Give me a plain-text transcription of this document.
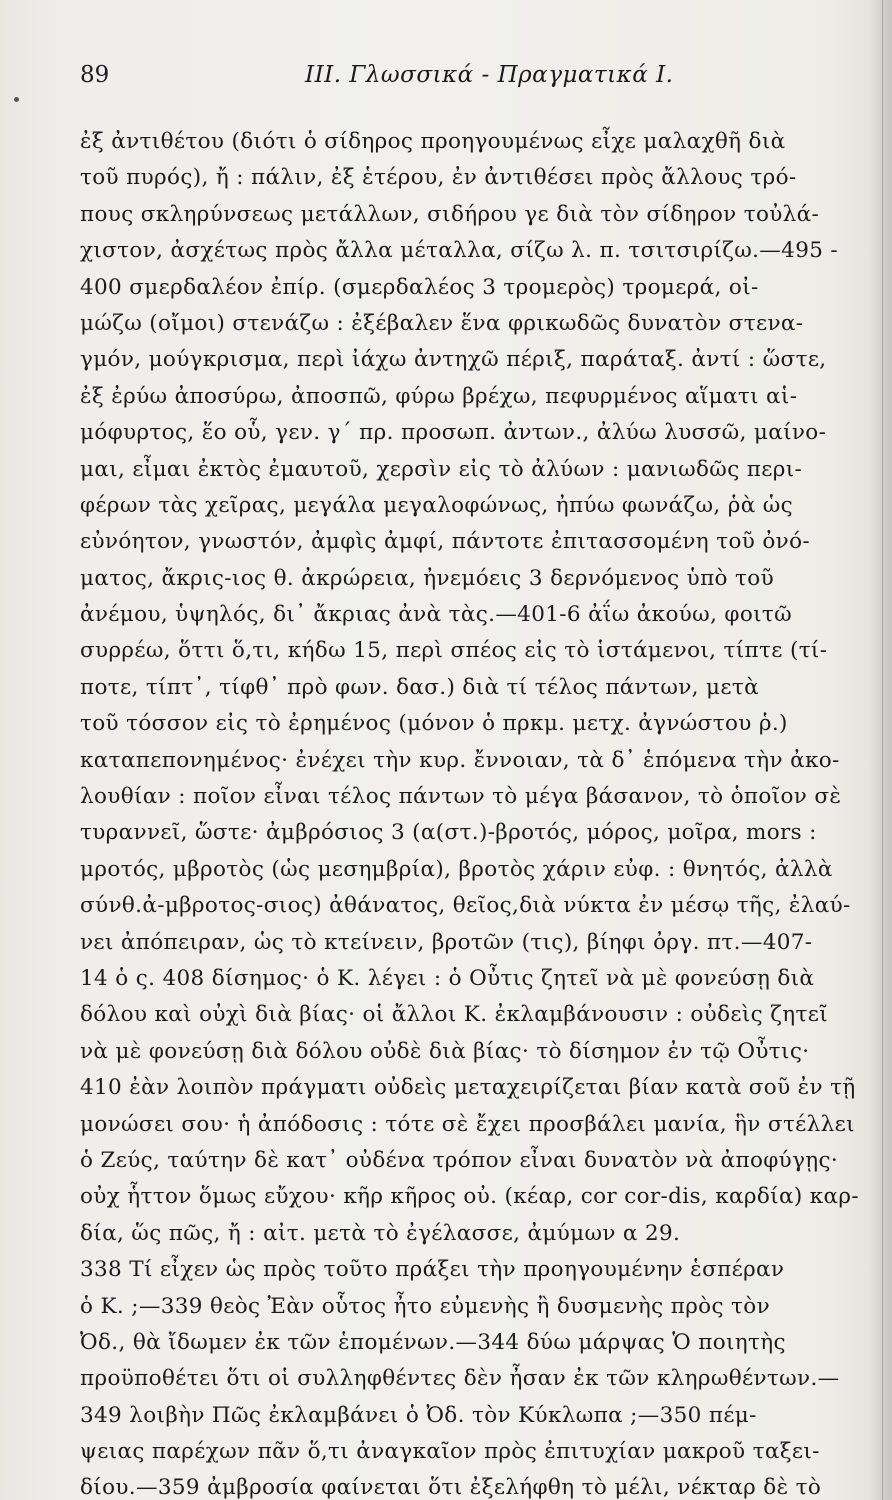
89	ΙΙΙ. Γλωσσικά - Πραγματικά Ι.
ἐξ ἀντιθέτου (διότι ὁ σίδηρος προηγουμένως εἶχε μαλαχθῆ διὰ
τοῦ πυρός), ἤ : πάλιν, ἐξ ἑτέρου, ἐν ἀντιθέσει πρὸς ἄλλους τρό-
πους σκληρύνσεως μετάλλων, σιδήρου γε διὰ τὸν σίδηρον τοὐλά-
χιστον, ἀσχέτως πρὸς ἄλλα μέταλλα, σίζω λ. π. τσιτσιρίζω.—495 -
400 σμερδαλέον ἐπίρ. (σμερδαλέος 3 τρομερὸς) τρομερά, οἰ-
μώζω (οἴμοι) στενάζω : ἐξέβαλεν ἕνα φρικωδῶς δυνατὸν στενα-
γμόν, μούγκρισμα, περὶ ἰάχω ἀντηχῶ πέριξ, παράταξ. ἀντί : ὥστε,
ἐξ ἐρύω ἀποσύρω, ἀποσπῶ, φύρω βρέχω, πεφυρμένος αἵματι αἱ-
μόφυρτος, ἕο οὗ, γεν. γ΄ πρ. προσωπ. ἀντων., ἀλύω λυσσῶ, μαίνο-
μαι, εἶμαι ἐκτὸς ἐμαυτοῦ, χερσὶν εἰς τὸ ἀλύων : μανιωδῶς περι-
φέρων τὰς χεῖρας, μεγάλα μεγαλοφώνως, ἠπύω φωνάζω, ῥὰ ὡς
εὐνόητον, γνωστόν, ἀμφὶς ἀμφί, πάντοτε ἐπιτασσομένη τοῦ ὀνό-
ματος, ἄκρις-ιος θ. ἀκρώρεια, ἠνεμόεις 3 δερνόμενος ὑπὸ τοῦ
ἀνέμου, ὑψηλός, δι᾽ ἄκριας ἀνὰ τὰς.—401-6 ἀΐω ἀκούω, φοιτῶ
συρρέω, ὅττι ὅ,τι, κήδω 15, περὶ σπέος εἰς τὸ ἱστάμενοι, τίπτε (τί-
ποτε, τίπτ᾽, τίφθ᾽ πρὸ φων. δασ.) διὰ τί τέλος πάντων, μετὰ
τοῦ τόσσον εἰς τὸ ἐρημένος (μόνον ὁ πρκμ. μετχ. ἀγνώστου ῥ.)
καταπεπονημένος· ἐνέχει τὴν κυρ. ἔννοιαν, τὰ δ᾽ ἑπόμενα τὴν ἀκο-
λουθίαν : ποῖον εἶναι τέλος πάντων τὸ μέγα βάσανον, τὸ ὁποῖον σὲ
τυραννεῖ, ὥστε· ἀμβρόσιος 3 (α(στ.)-βροτός, μόρος, μοῖρα, mors :
μροτός, μβροτὸς (ὡς μεσημβρία), βροτὸς χάριν εὐφ. : θνητός, ἀλλὰ
σύνθ.ἀ-μβροτος-σιος) ἀθάνατος, θεῖος,διὰ νύκτα ἐν μέσῳ τῆς, ἐλαύ-
νει ἀπόπειραν, ὡς τὸ κτείνειν, βροτῶν (τις), βίηφι ὀργ. πτ.—407-
14 ὁ ς. 408 δίσημος· ὁ Κ. λέγει : ὁ Οὖτις ζητεῖ νὰ μὲ φονεύσῃ διὰ
δόλου καὶ οὐχὶ διὰ βίας· οἱ ἄλλοι Κ. ἐκλαμβάνουσιν : οὐδεὶς ζητεῖ
νὰ μὲ φονεύσῃ διὰ δόλου οὐδὲ διὰ βίας· τὸ δίσημον ἐν τῷ Οὖτις·
410 ἐὰν λοιπὸν πράγματι οὐδεὶς μεταχειρίζεται βίαν κατὰ σοῦ ἐν τῇ
μονώσει σου· ἡ ἀπόδοσις : τότε σὲ ἔχει προσβάλει μανία, ἣν στέλλει
ὁ Ζεύς, ταύτην δὲ κατ᾽ οὐδένα τρόπον εἶναι δυνατὸν νὰ ἀποφύγῃς·
οὐχ ἧττον ὅμως εὔχου· κῆρ κῆρος οὐ. (κέαρ, cor cor-dis, καρδία) καρ-
δία, ὥς πῶς, ἤ : αἰτ. μετὰ τὸ ἐγέλασσε, ἀμύμων α 29.
338 Τί εἶχεν ὡς πρὸς τοῦτο πράξει τὴν προηγουμένην ἑσπέραν
ὁ Κ. ;—339 θεὸς Ἐὰν οὗτος ἦτο εὐμενὴς ἢ δυσμενὴς πρὸς τὸν
Ὀδ., θὰ ἴδωμεν ἐκ τῶν ἑπομένων.—344 δύω μάρψας Ὁ ποιητὴς
προϋποθέτει ὅτι οἱ συλληφθέντες δὲν ἦσαν ἐκ τῶν κληρωθέντων.—
349 λοιβὴν Πῶς ἐκλαμβάνει ὁ Ὀδ. τὸν Κύκλωπα ;—350 πέμ-
ψειας παρέχων πᾶν ὅ,τι ἀναγκαῖον πρὸς ἐπιτυχίαν μακροῦ ταξει-
δίου.—359 ἀμβροσία φαίνεται ὅτι ἐξελήφθη τὸ μέλι, νέκταρ δὲ τὸ
